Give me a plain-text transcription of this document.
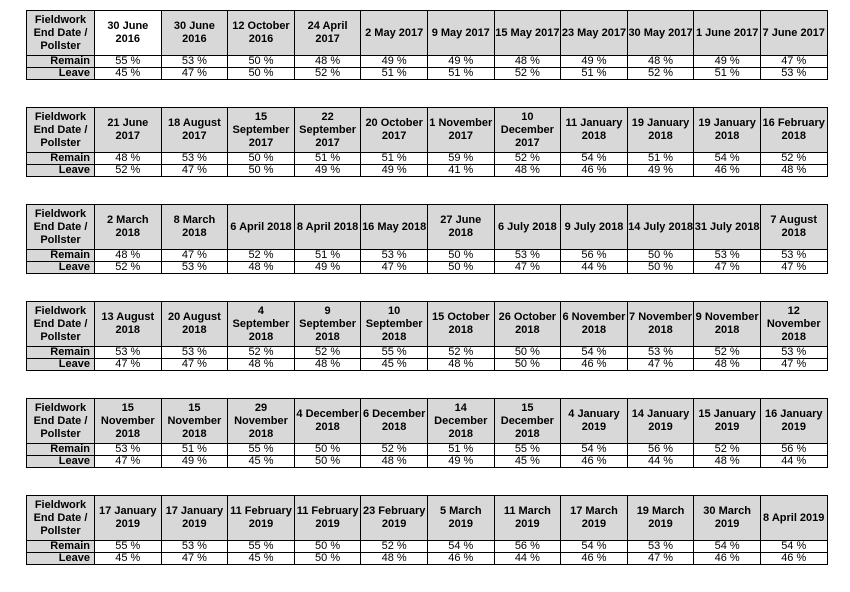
Fieldwork End Date / Pollster	30 June 2016	30 June 2016	12 October 2016	24 April 2017	2 May 2017	9 May 2017	15 May 2017	23 May 2017	30 May 2017	1 June 2017	7 June 2017
Remain	55 %	53 %	50 %	48 %	49 %	49 %	48 %	49 %	48 %	49 %	47 %
Leave	45 %	47 %	50 %	52 %	51 %	51 %	52 %	51 %	52 %	51 %	53 %
Fieldwork End Date / Pollster	21 June 2017	18 August 2017	15 September 2017	22 September 2017	20 October 2017	1 November 2017	10 December 2017	11 January 2018	19 January 2018	19 January 2018	16 February 2018
Remain	48 %	53 %	50 %	51 %	51 %	59 %	52 %	54 %	51 %	54 %	52 %
Leave	52 %	47 %	50 %	49 %	49 %	41 %	48 %	46 %	49 %	46 %	48 %
Fieldwork End Date / Pollster	2 March 2018	8 March 2018	6 April 2018	8 April 2018	16 May 2018	27 June 2018	6 July 2018	9 July 2018	14 July 2018	31 July 2018	7 August 2018
Remain	48 %	47 %	52 %	51 %	53 %	50 %	53 %	56 %	50 %	53 %	53 %
Leave	52 %	53 %	48 %	49 %	47 %	50 %	47 %	44 %	50 %	47 %	47 %
Fieldwork End Date / Pollster	13 August 2018	20 August 2018	4 September 2018	9 September 2018	10 September 2018	15 October 2018	26 October 2018	6 November 2018	7 November 2018	9 November 2018	12 November 2018
Remain	53 %	53 %	52 %	52 %	55 %	52 %	50 %	54 %	53 %	52 %	53 %
Leave	47 %	47 %	48 %	48 %	45 %	48 %	50 %	46 %	47 %	48 %	47 %
Fieldwork End Date / Pollster	15 November 2018	15 November 2018	29 November 2018	4 December 2018	6 December 2018	14 December 2018	15 December 2018	4 January 2019	14 January 2019	15 January 2019	16 January 2019
Remain	53 %	51 %	55 %	50 %	52 %	51 %	55 %	54 %	56 %	52 %	56 %
Leave	47 %	49 %	45 %	50 %	48 %	49 %	45 %	46 %	44 %	48 %	44 %
Fieldwork End Date / Pollster	17 January 2019	17 January 2019	11 February 2019	11 February 2019	23 February 2019	5 March 2019	11 March 2019	17 March 2019	19 March 2019	30 March 2019	8 April 2019
Remain	55 %	53 %	55 %	50 %	52 %	54 %	56 %	54 %	53 %	54 %	54 %
Leave	45 %	47 %	45 %	50 %	48 %	46 %	44 %	46 %	47 %	46 %	46 %
